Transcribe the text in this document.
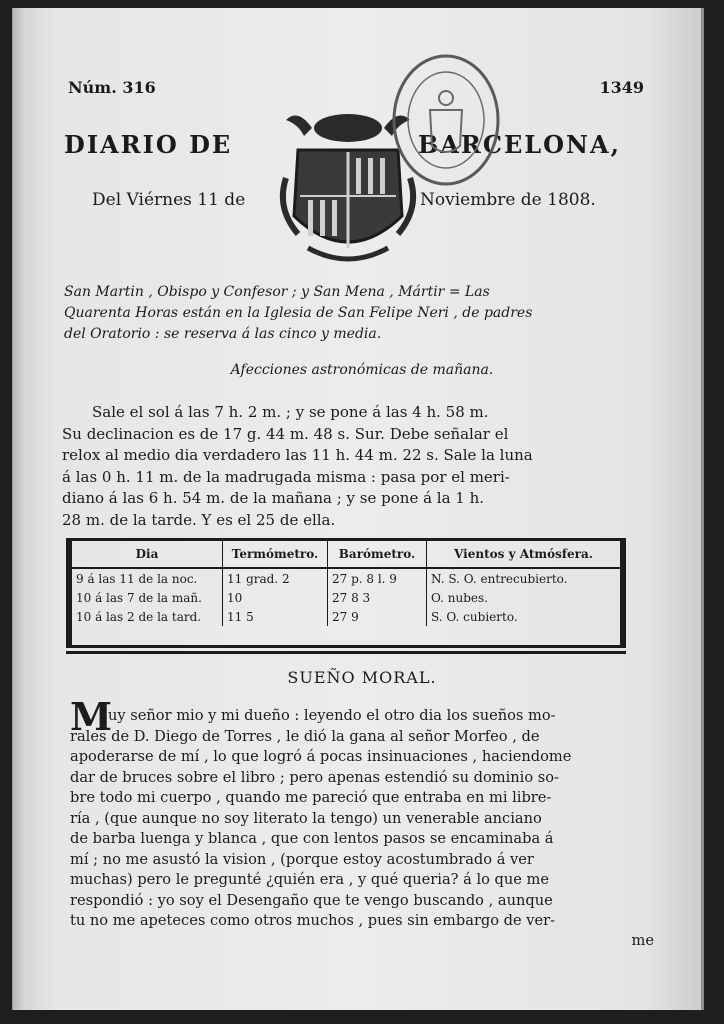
Núm. 316	1349
DIARIO DE	BARCELONA,
Del Viérnes 11 de	Noviembre de 1808.
San Martin , Obispo y Confesor ; y San Mena , Mártir = Las
Quarenta Horas están en la Iglesia de San Felipe Neri , de padres
del Oratorio : se reserva á las cinco y media.
Afecciones astronómicas de mañana.
Sale el sol á las 7 h. 2 m. ; y se pone á las 4 h. 58 m.
Su declinacion es de 17 g. 44 m. 48 s. Sur. Debe señalar el
relox al medio dia verdadero las 11 h. 44 m. 22 s. Sale la luna
á las 0 h. 11 m. de la madrugada misma : pasa por el meri-
diano á las 6 h. 54 m. de la mañana ; y se pone á la 1 h.
28 m. de la tarde. Y es el 25 de ella.
Dia	Termómetro.	Barómetro.	Vientos y Atmósfera.
9 á las 11 de la noc.	11 grad. 2	27 p. 8 l. 9	N. S. O. entrecubierto.
10 á las 7 de la mañ.	10	27 8 3	O. nubes.
10 á las 2 de la tard.	11 5	27 9	S. O. cubierto.
SUEÑO MORAL.
M
uy señor mio y mi dueño : leyendo el otro dia los sueños mo-
rales de D. Diego de Torres , le dió la gana al señor Morfeo , de
apoderarse de mí , lo que logró á pocas insinuaciones , haciendome
dar de bruces sobre el libro ; pero apenas estendió su dominio so-
bre todo mi cuerpo , quando me pareció que entraba en mi libre-
ría , (que aunque no soy literato la tengo) un venerable anciano
de barba luenga y blanca , que con lentos pasos se encaminaba á
mí ; no me asustó la vision , (porque estoy acostumbrado á ver
muchas) pero le pregunté ¿quién era , y qué queria? á lo que me
respondió : yo soy el Desengaño que te vengo buscando , aunque
tu no me apeteces como otros muchos , pues sin embargo de ver-
me
